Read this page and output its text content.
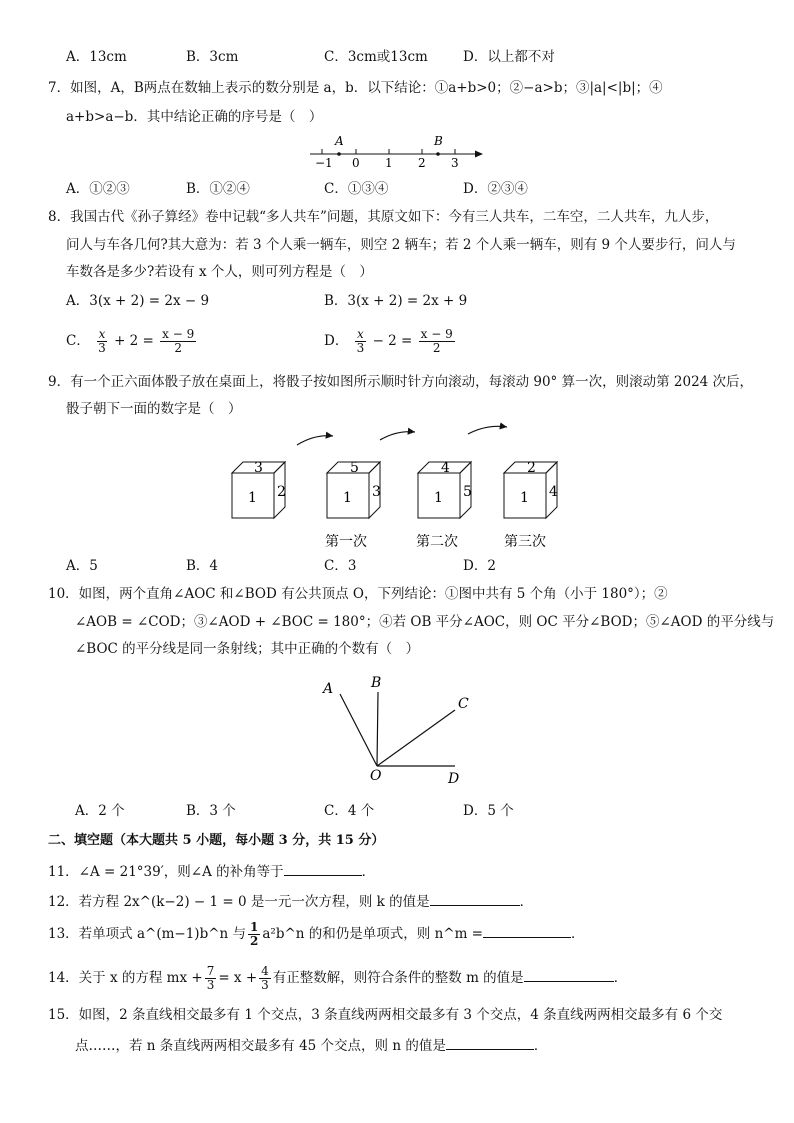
A．13cm	B．3cm	C．3cm或13cm	D．以上都不对
7．如图，A，B两点在数轴上表示的数分别是 a，b．以下结论：①a+b>0；②−a>b；③|a|<|b|；④
a+b>a−b．其中结论正确的序号是（　）
A	B
−1 0 1 2 3
A．①②③	B．①②④	C．①③④	D．②③④
8．我国古代《孙子算经》卷中记载“多人共车”问题，其原文如下：今有三人共车，二车空，二人共车，九人步，
问人与车各几何?其大意为：若 3 个人乘一辆车，则空 2 辆车；若 2 个人乘一辆车，则有 9 个人要步行，问人与
车数各是多少?若设有 x 个人，则可列方程是（　）
A．3(x + 2) = 2x − 9	B．3(x + 2) = 2x + 9
C． $\frac{x}{3} + 2 = \frac{x - 9}{2}$	D． $\frac{x}{3} - 2 = \frac{x - 9}{2}$
9．有一个正六面体骰子放在桌面上，将骰子按如图所示顺时针方向滚动，每滚动 90° 算一次，则滚动第 2024 次后，
骰子朝下一面的数字是（　）
3
1 2
5
1 3
4
1 5
2
1 4
第一次	第二次	第三次
A．5	B．4	C．3	D．2
10．如图，两个直角∠AOC 和∠BOD 有公共顶点 O，下列结论：①图中共有 5 个角（小于 180°）；②
∠AOB = ∠COD；③∠AOD + ∠BOC = 180°；④若 OB 平分∠AOC，则 OC 平分∠BOD；⑤∠AOD 的平分线与
∠BOC 的平分线是同一条射线；其中正确的个数有（　）
A	B
C
O	D
A．2 个	B．3 个	C．4 个	D．5 个
二、填空题（本大题共 5 小题，每小题 3 分，共 15 分）
11．∠A = 21°39′，则∠A 的补角等于	．
12．若方程 2x^(k−2) − 1 = 0 是一元一次方程，则 k 的值是	．
13．若单项式 a^(m−1)b^n 与 $\frac{1}{2}$ a²b^n 的和仍是单项式，则 n^m =	．
14．关于 x 的方程 mx + $\frac{7}{3} = x + \frac{4}{3}$ 有正整数解，则符合条件的整数 m 的值是	．
15．如图，2 条直线相交最多有 1 个交点，3 条直线两两相交最多有 3 个交点，4 条直线两两相交最多有 6 个交
点……，若 n 条直线两两相交最多有 45 个交点，则 n 的值是	．
